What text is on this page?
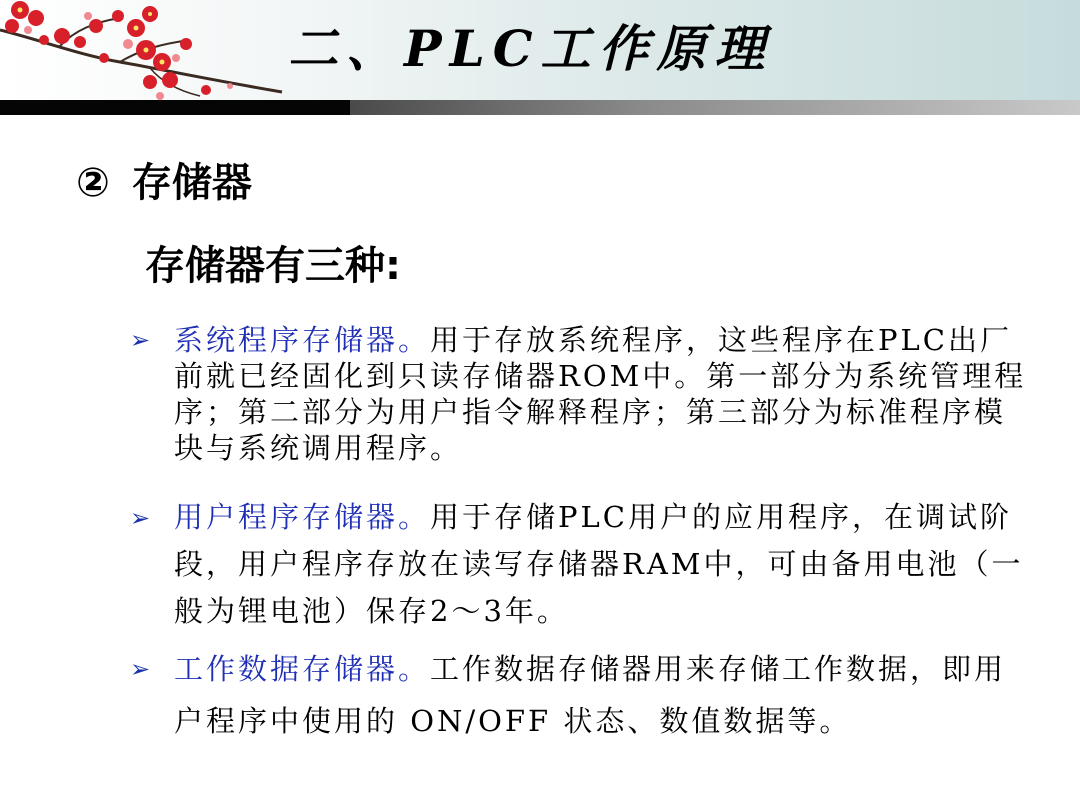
二、PLC工作原理
② 存储器
存储器有三种:
➢ 系统程序存储器。用于存放系统程序，这些程序在PLC出厂前就已经固化到只读存储器ROM中。第一部分为系统管理程序；第二部分为用户指令解释程序；第三部分为标准程序模块与系统调用程序。
➢ 用户程序存储器。用于存储PLC用户的应用程序，在调试阶段，用户程序存放在读写存储器RAM中，可由备用电池（一般为锂电池）保存2～3年。
➢ 工作数据存储器。工作数据存储器用来存储工作数据，即用户程序中使用的 ON/OFF 状态、数值数据等。
